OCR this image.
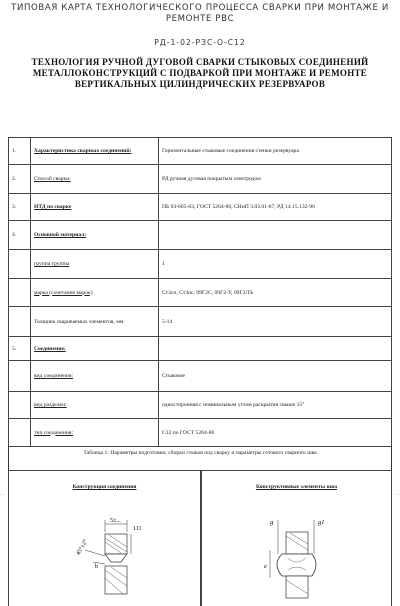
ТИПОВАЯ КАРТА ТЕХНОЛОГИЧЕСКОГО ПРОЦЕССА СВАРКИ ПРИ МОНТАЖЕ И РЕМОНТЕ РВС
РД-1-02-РЗС-О-С12
ТЕХНОЛОГИЯ РУЧНОЙ ДУГОВОЙ СВАРКИ СТЫКОВЫХ СОЕДИНЕНИЙ МЕТАЛЛОКОНСТРУКЦИЙ С ПОДВАРКОЙ ПРИ МОНТАЖЕ И РЕМОНТЕ ВЕРТИКАЛЬНЫХ ЦИЛИНДРИЧЕСКИХ РЕЗЕРВУАРОВ
1.	Характеристика сварных соединений:	Горизонтальные стыковые соединения стенки резервуара
2.	Способ сварки:	РД ручная дуговая покрытым электродом
3.	НТД по сварке	ПБ 03-605-03, ГОСТ 5264-80, СНиП 3.03.01-87, РД 14.15.132-96
4.	Основной материал:	
	группа группы	1
	марка (сочетание марок)	Ст3сп, Ст3пс, 09Г2С, 09Г2-У, 09Г2ЛЪ
	Толщина свариваемых элементов, мм	5-14
5.	Соединение:	
	вид соединения:	Стыковое
	вид разделки:	односторонняя с номинальным углом раскрытия свыше 15°
	тип соединения:	С12 по ГОСТ 5264-80
Таблица 1: Параметры подготовки, сборки стыков под сварку и параметры готового сварного шва
. .	. .
Конструкция соединения
5±...
111
45°±2°
b
Конструктивные элементы шва
g	g1
e
